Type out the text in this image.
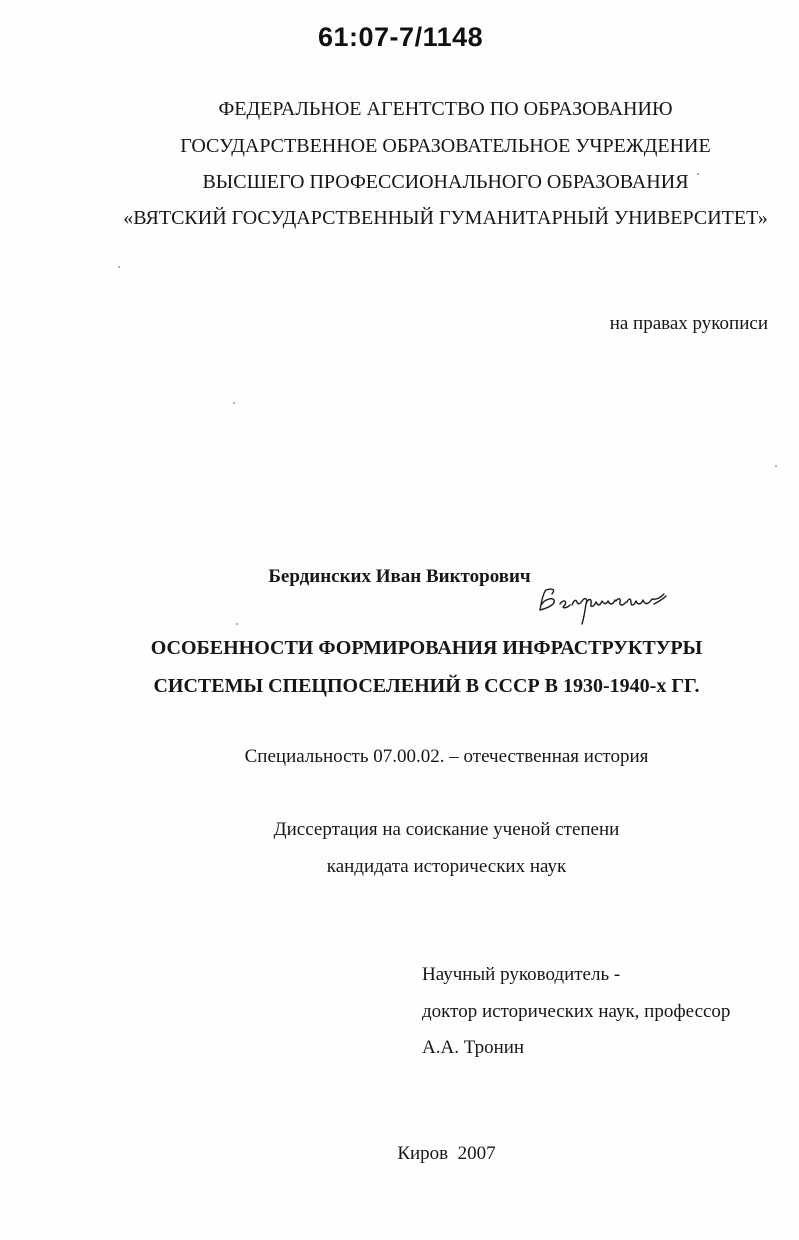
61:07-7/1148
ФЕДЕРАЛЬНОЕ АГЕНТСТВО ПО ОБРАЗОВАНИЮ
ГОСУДАРСТВЕННОЕ ОБРАЗОВАТЕЛЬНОЕ УЧРЕЖДЕНИЕ
ВЫСШЕГО ПРОФЕССИОНАЛЬНОГО ОБРАЗОВАНИЯ
«ВЯТСКИЙ ГОСУДАРСТВЕННЫЙ ГУМАНИТАРНЫЙ УНИВЕРСИТЕТ»
на правах рукописи
Бердинских Иван Викторович
ОСОБЕННОСТИ ФОРМИРОВАНИЯ ИНФРАСТРУКТУРЫ
СИСТЕМЫ СПЕЦПОСЕЛЕНИЙ В СССР В 1930-1940-х ГГ.
Специальность 07.00.02. – отечественная история
Диссертация на соискание ученой степени
кандидата исторических наук
Научный руководитель -
доктор исторических наук, профессор
А.А. Тронин
Киров  2007
